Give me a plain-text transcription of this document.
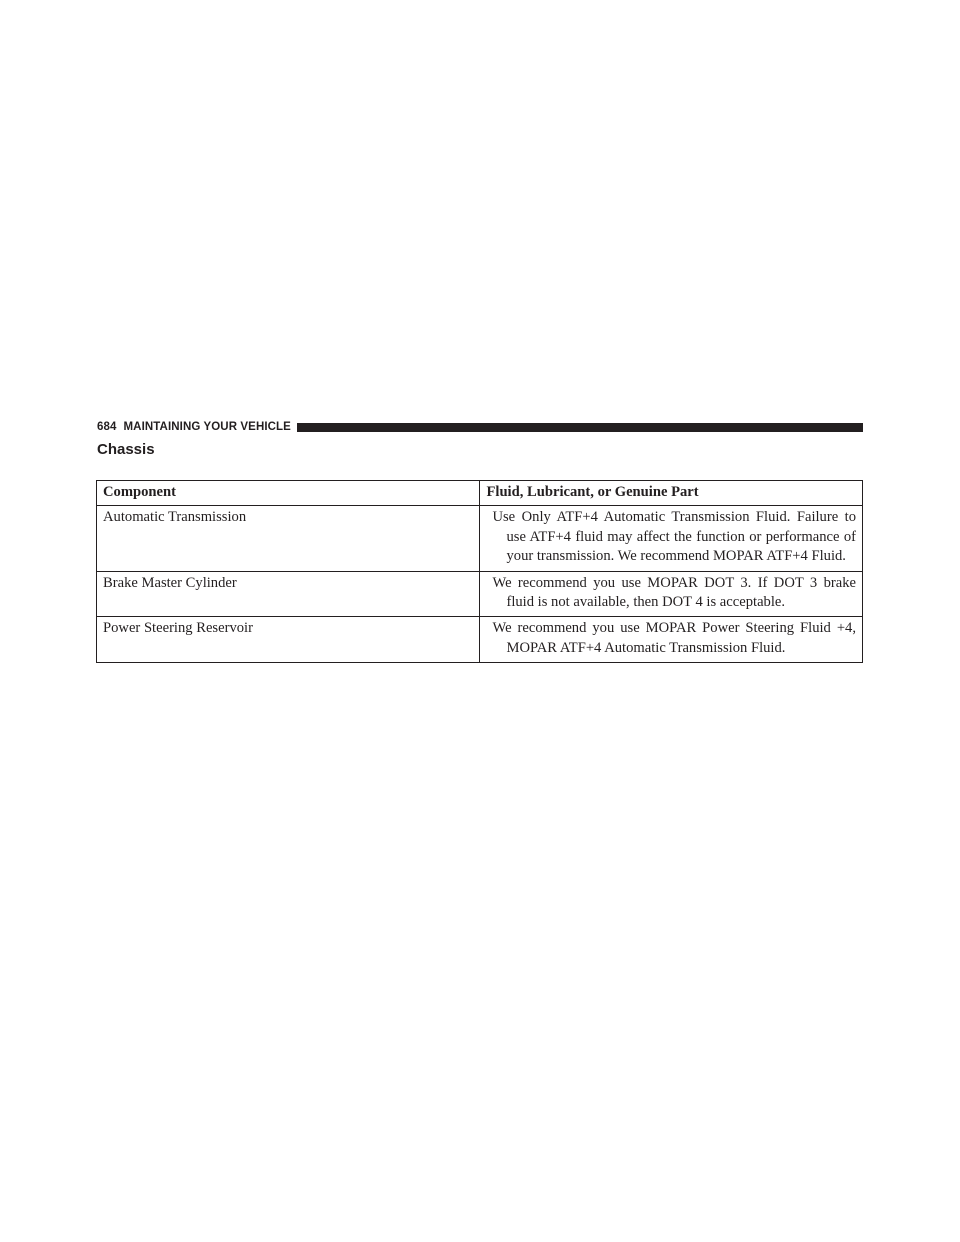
684 MAINTAINING YOUR VEHICLE
Chassis
Component	Fluid, Lubricant, or Genuine Part
Automatic Transmission	Use Only ATF+4 Automatic Transmission Fluid. Failure to use ATF+4 fluid may affect the function or performance of your transmission. We recommend MOPAR ATF+4 Fluid.

Brake Master Cylinder	We recommend you use MOPAR DOT 3. If DOT 3 brake fluid is not available, then DOT 4 is acceptable.

Power Steering Reservoir	We recommend you use MOPAR Power Steering Fluid +4, MOPAR ATF+4 Automatic Transmission Fluid.
